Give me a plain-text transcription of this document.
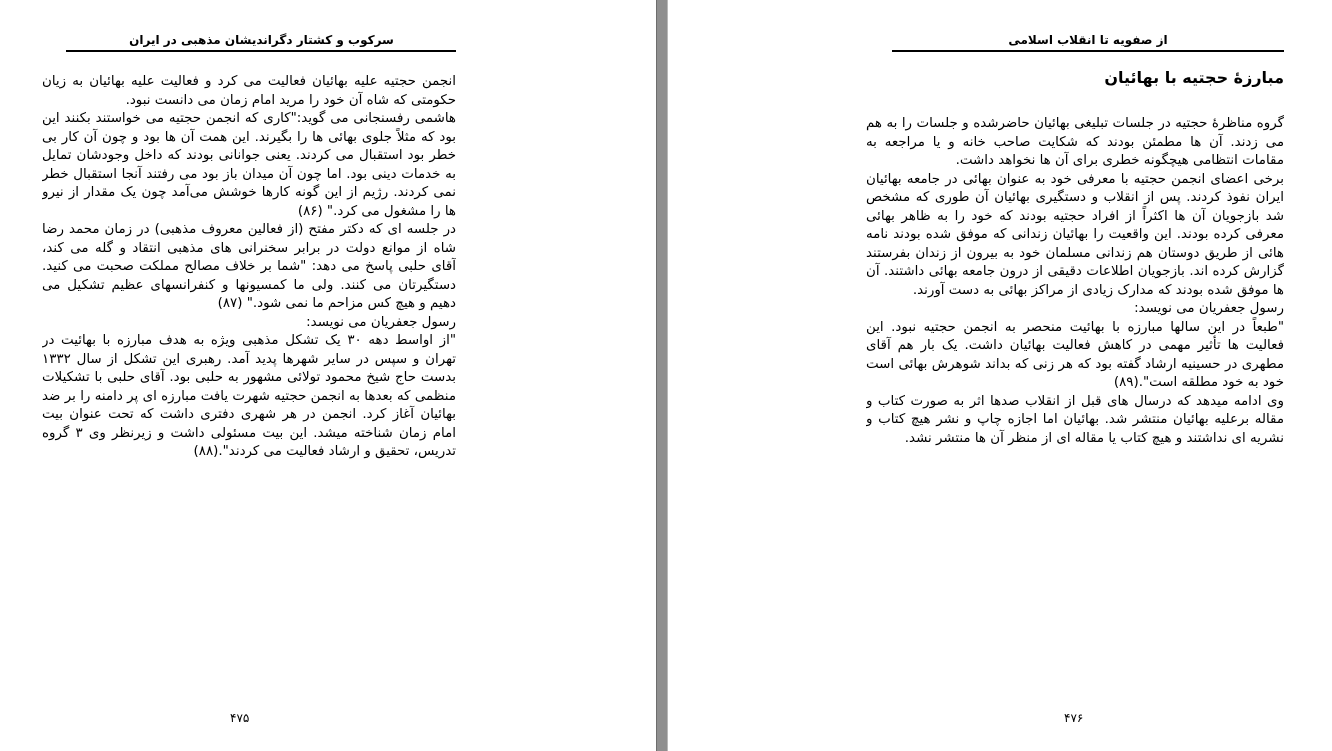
سرکوب و کشتار دگراندیشان مذهبی در ایران

انجمن حجتیه علیه بهائیان فعالیت می کرد و فعالیت علیه بهائیان به زیان حکومتی که شاه آن خود را مرید امام زمان می دانست نبود.

هاشمی رفسنجانی می گوید:"کاری که انجمن حجتیه می خواستند بکنند این بود که مثلاً جلوی بهائی ها را بگیرند. این همت آن ها بود و چون آن کار بی خطر بود استقبال می کردند. یعنی جوانانی بودند که داخل وجودشان تمایل به خدمات دینی بود. اما چون آن میدان باز بود می رفتند آنجا استقبال خطر نمی کردند. رژیم از این گونه کارها خوشش می‌آمد چون یک مقدار از نیرو ها را مشغول می کرد." (۸۶)

در جلسه ای که دکتر مفتح (از فعالین معروف مذهبی) در زمان محمد رضا شاه از موانع دولت در برابر سخنرانی های مذهبی انتقاد و گله می کند، آقای حلبی پاسخ می دهد: "شما بر خلاف مصالح مملکت صحبت می کنید. دستگیرتان می کنند. ولی ما کمسیونها و کنفرانسهای عظیم تشکیل می دهیم و هیچ کس مزاحم ما نمی شود." (۸۷)

رسول جعفریان می نویسد:

"از اواسط دهه ۳۰ یک تشکل مذهبی ویژه به هدف مبارزه با بهائیت در تهران و سپس در سایر شهرها پدید آمد. رهبری این تشکل از سال ۱۳۳۲ بدست حاج شیخ محمود تولائی مشهور به حلبی بود. آقای حلبی با تشکیلات منظمی که بعدها به انجمن حجتیه شهرت یافت مبارزه ای پر دامنه را بر ضد بهائیان آغاز کرد. انجمن در هر شهری دفتری داشت که تحت عنوان بیت امام زمان شناخته میشد. این بیت مسئولی داشت و زیرنظر وی ۳ گروه تدریس، تحقیق و ارشاد فعالیت می کردند".(۸۸)

۴۷۵
از صفویه تا انقلاب اسلامی
مبارزهٔ حجتیه با بهائیان

گروه مناظرهٔ حجتیه در جلسات تبلیغی بهائیان حاضرشده و جلسات را به هم می زدند. آن ها مطمئن بودند که شکایت صاحب خانه و یا مراجعه به مقامات انتظامی هیچگونه خطری برای آن ها نخواهد داشت.

برخی اعضای انجمن حجتیه با معرفی خود به عنوان بهائی در جامعه بهائیان ایران نفوذ کردند. پس از انقلاب و دستگیری بهائیان آن طوری که مشخص شد بازجویان آن ها اکثراً از افراد حجتیه بودند که خود را به ظاهر بهائی معرفی کرده بودند. این واقعیت را بهائیان زندانی که موفق شده بودند نامه هائی از طریق دوستان هم زندانی مسلمان خود به بیرون از زندان بفرستند گزارش کرده اند. بازجویان اطلاعات دقیقی از درون جامعه بهائی داشتند. آن ها موفق شده بودند که مدارک زیادی از مراکز بهائی به دست آورند.

رسول جعفریان می نویسد:

"طبعاً در این سالها مبارزه با بهائیت منحصر به انجمن حجتیه نبود. این فعالیت ها تأثیر مهمی در کاهش فعالیت بهائیان داشت. یک بار هم آقای مطهری در حسینیه ارشاد گفته بود که هر زنی که بداند شوهرش بهائی است خود به خود مطلقه است".(۸۹)

وی ادامه میدهد که درسال های قبل از انقلاب صدها اثر به صورت کتاب و مقاله برعلیه بهائیان منتشر شد. بهائیان اما اجازه چاپ و نشر هیچ کتاب و نشریه ای نداشتند و هیچ کتاب یا مقاله ای از منظر آن ها منتشر نشد.

۴۷۶
